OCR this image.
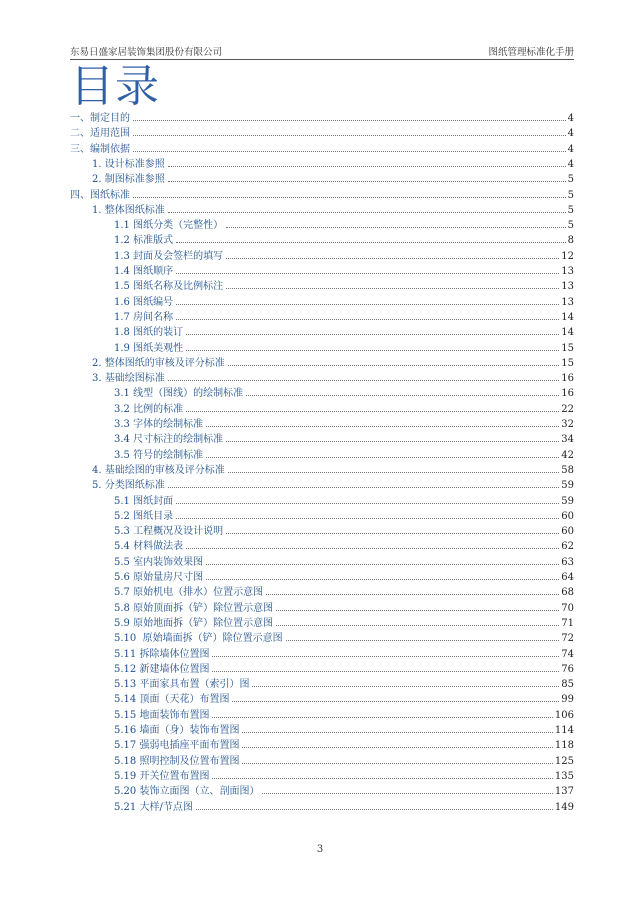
东易日盛家居装饰集团股份有限公司	图纸管理标准化手册
目录
一、制定目的	4
二、适用范围	4
三、编制依据	4
1. 设计标准参照	4
2. 制图标准参照	5
四、图纸标准	5
1. 整体图纸标准	5
1.1 图纸分类（完整性）	5
1.2 标准版式	8
1.3 封面及会签栏的填写	12
1.4 图纸顺序	13
1.5 图纸名称及比例标注	13
1.6 图纸编号	13
1.7 房间名称	14
1.8 图纸的装订	14
1.9 图纸美观性	15
2. 整体图纸的审核及评分标准	15
3. 基础绘图标准	16
3.1 线型（图线）的绘制标准	16
3.2 比例的标准	22
3.3 字体的绘制标准	32
3.4 尺寸标注的绘制标准	34
3.5 符号的绘制标准	42
4. 基础绘图的审核及评分标准	58
5. 分类图纸标准	59
5.1 图纸封面	59
5.2 图纸目录	60
5.3 工程概况及设计说明	60
5.4 材料做法表	62
5.5 室内装饰效果图	63
5.6 原始量房尺寸图	64
5.7 原始机电（排水）位置示意图	68
5.8 原始顶面拆（铲）除位置示意图	70
5.9 原始地面拆（铲）除位置示意图	71
5.10  原始墙面拆（铲）除位置示意图	72
5.11 拆除墙体位置图	74
5.12 新建墙体位置图	76
5.13 平面家具布置（索引）图	85
5.14 顶面（天花）布置图	99
5.15 地面装饰布置图	106
5.16 墙面（身）装饰布置图	114
5.17 强弱电插座平面布置图	118
5.18 照明控制及位置布置图	125
5.19 开关位置布置图	135
5.20 装饰立面图（立、剖面图）	137
5.21 大样/节点图	149
3
